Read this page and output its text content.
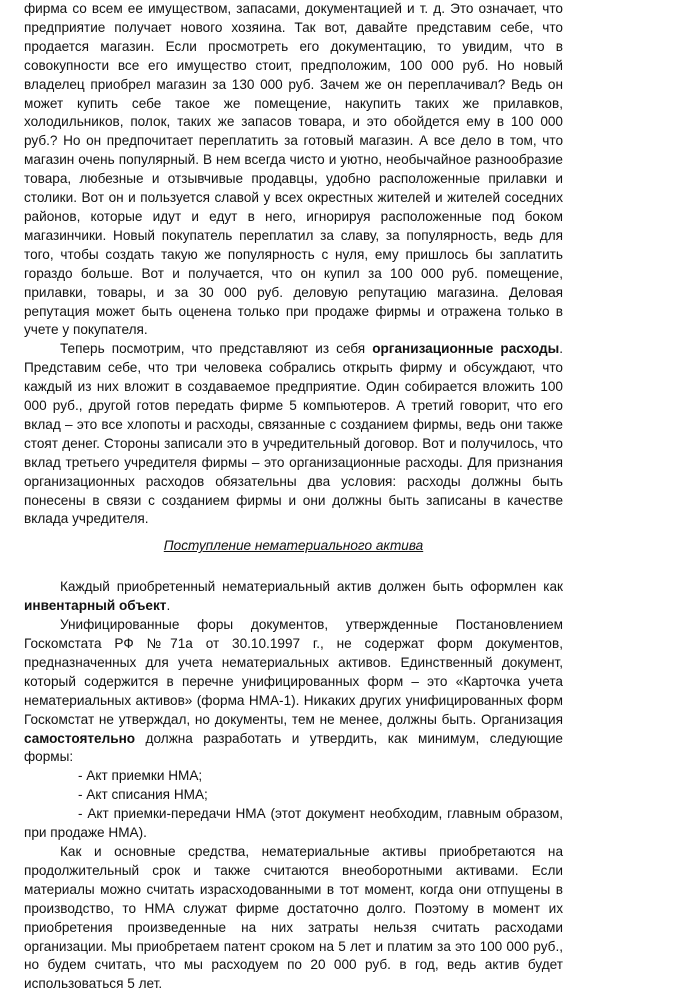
фирма со всем ее имуществом, запасами, документацией и т. д. Это означает, что предприятие получает нового хозяина. Так вот, давайте представим себе, что продается магазин. Если просмотреть его документацию, то увидим, что в совокупности все его имущество стоит, предположим, 100 000 руб. Но новый владелец приобрел магазин за 130 000 руб. Зачем же он переплачивал? Ведь он может купить себе такое же помещение, накупить таких же прилавков, холодильников, полок, таких же запасов товара, и это обойдется ему в 100 000 руб.? Но он предпочитает переплатить за готовый магазин. А все дело в том, что магазин очень популярный. В нем всегда чисто и уютно, необычайное разнообразие товара, любезные и отзывчивые продавцы, удобно расположенные прилавки и столики. Вот он и пользуется славой у всех окрестных жителей и жителей соседних районов, которые идут и едут в него, игнорируя расположенные под боком магазинчики. Новый покупатель переплатил за славу, за популярность, ведь для того, чтобы создать такую же популярность с нуля, ему пришлось бы заплатить гораздо больше. Вот и получается, что он купил за 100 000 руб. помещение, прилавки, товары, и за 30 000 руб. деловую репутацию магазина. Деловая репутация может быть оценена только при продаже фирмы и отражена только в учете у покупателя.

Теперь посмотрим, что представляют из себя организационные расходы. Представим себе, что три человека собрались открыть фирму и обсуждают, что каждый из них вложит в создаваемое предприятие. Один собирается вложить 100 000 руб., другой готов передать фирме 5 компьютеров. А третий говорит, что его вклад – это все хлопоты и расходы, связанные с созданием фирмы, ведь они также стоят денег. Стороны записали это в учредительный договор. Вот и получилось, что вклад третьего учредителя фирмы – это организационные расходы. Для признания организационных расходов обязательны два условия: расходы должны быть понесены в связи с созданием фирмы и они должны быть записаны в качестве вклада учредителя.

Поступление нематериального актива

Каждый приобретенный нематериальный актив должен быть оформлен как инвентарный объект.

Унифицированные форы документов, утвержденные Постановлением Госкомстата РФ №71а от 30.10.1997 г., не содержат форм документов, предназначенных для учета нематериальных активов. Единственный документ, который содержится в перечне унифицированных форм – это «Карточка учета нематериальных активов» (форма НМА-1). Никаких других унифицированных форм Госкомстат не утверждал, но документы, тем не менее, должны быть. Организация самостоятельно должна разработать и утвердить, как минимум, следующие формы:

- Акт приемки НМА;

- Акт списания НМА;

- Акт приемки-передачи НМА (этот документ необходим, главным образом, при продаже НМА).

Как и основные средства, нематериальные активы приобретаются на продолжительный срок и также считаются внеоборотными активами. Если материалы можно считать израсходованными в тот момент, когда они отпущены в производство, то НМА служат фирме достаточно долго. Поэтому в момент их приобретения произведенные на них затраты нельзя считать расходами организации. Мы приобретаем патент сроком на 5 лет и платим за это 100 000 руб., но будем считать, что мы расходуем по 20 000 руб. в год, ведь актив будет использоваться 5 лет.
